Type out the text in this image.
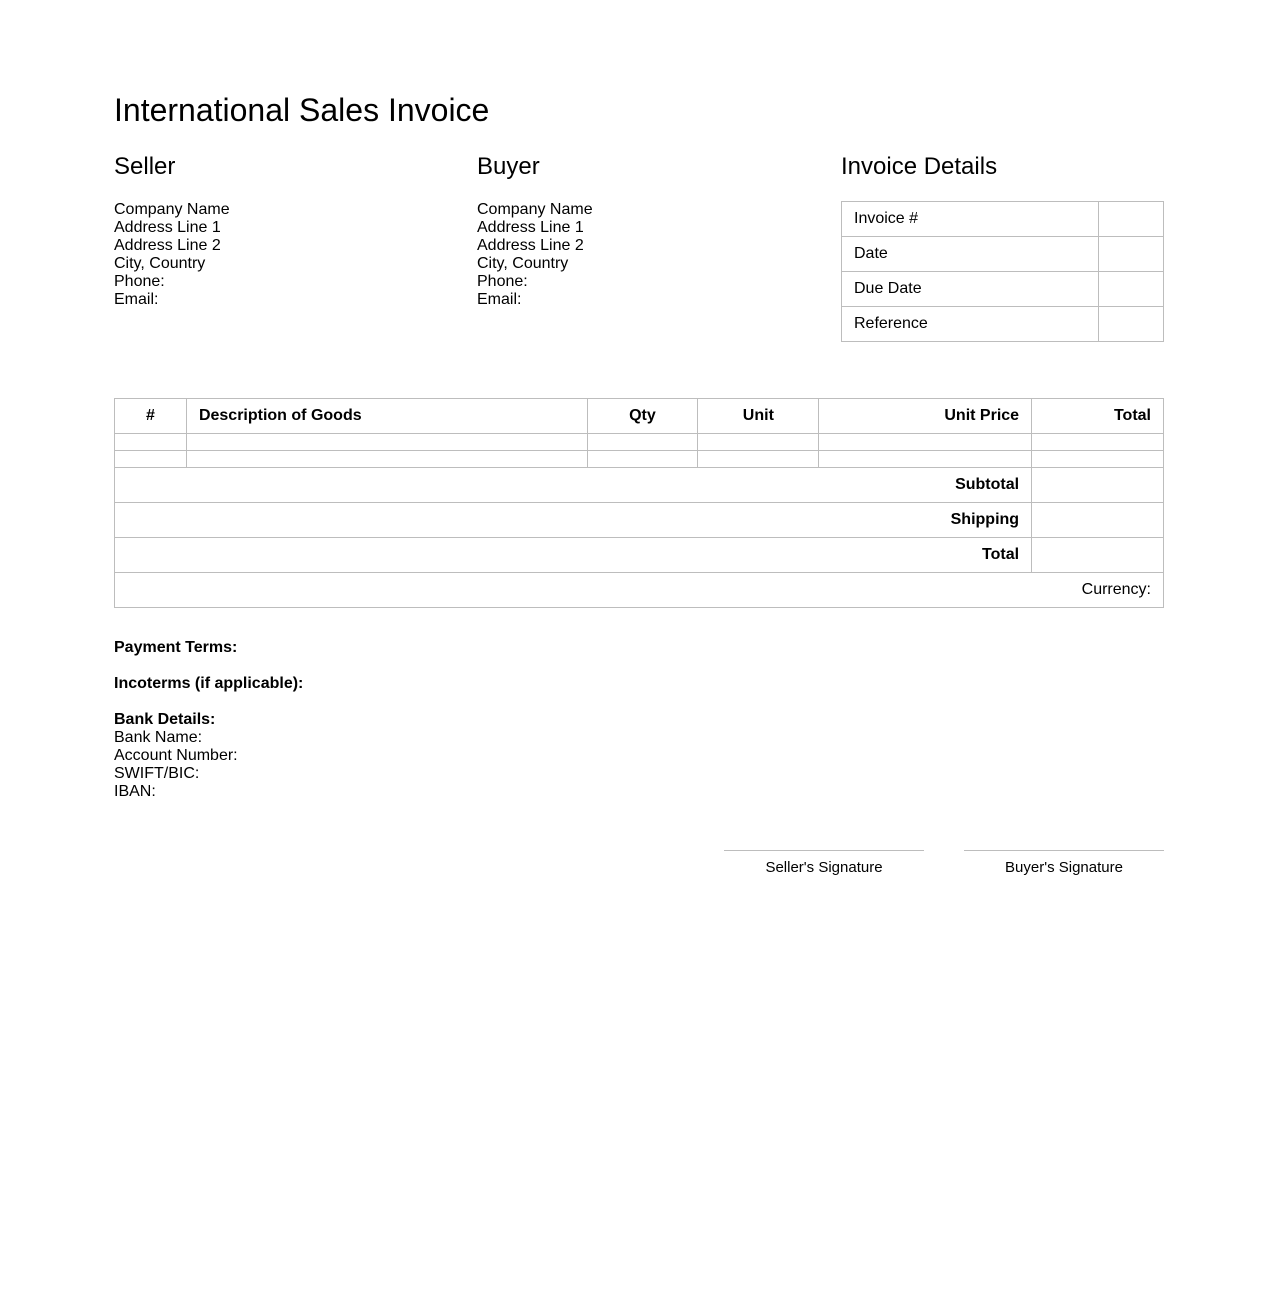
International Sales Invoice
Seller
Company Name
Address Line 1
Address Line 2
City, Country
Phone:
Email:
Buyer
Company Name
Address Line 1
Address Line 2
City, Country
Phone:
Email:
Invoice Details
Invoice #	
Date	
Due Date	
Reference	
#	Description of Goods	Qty	Unit	Unit Price	Total

Subtotal					
Shipping					
Total					
Currency:					
Payment Terms:
Incoterms (if applicable):
Bank Details:
Bank Name:
Account Number:
SWIFT/BIC:
IBAN:
Seller's Signature	Buyer's Signature
